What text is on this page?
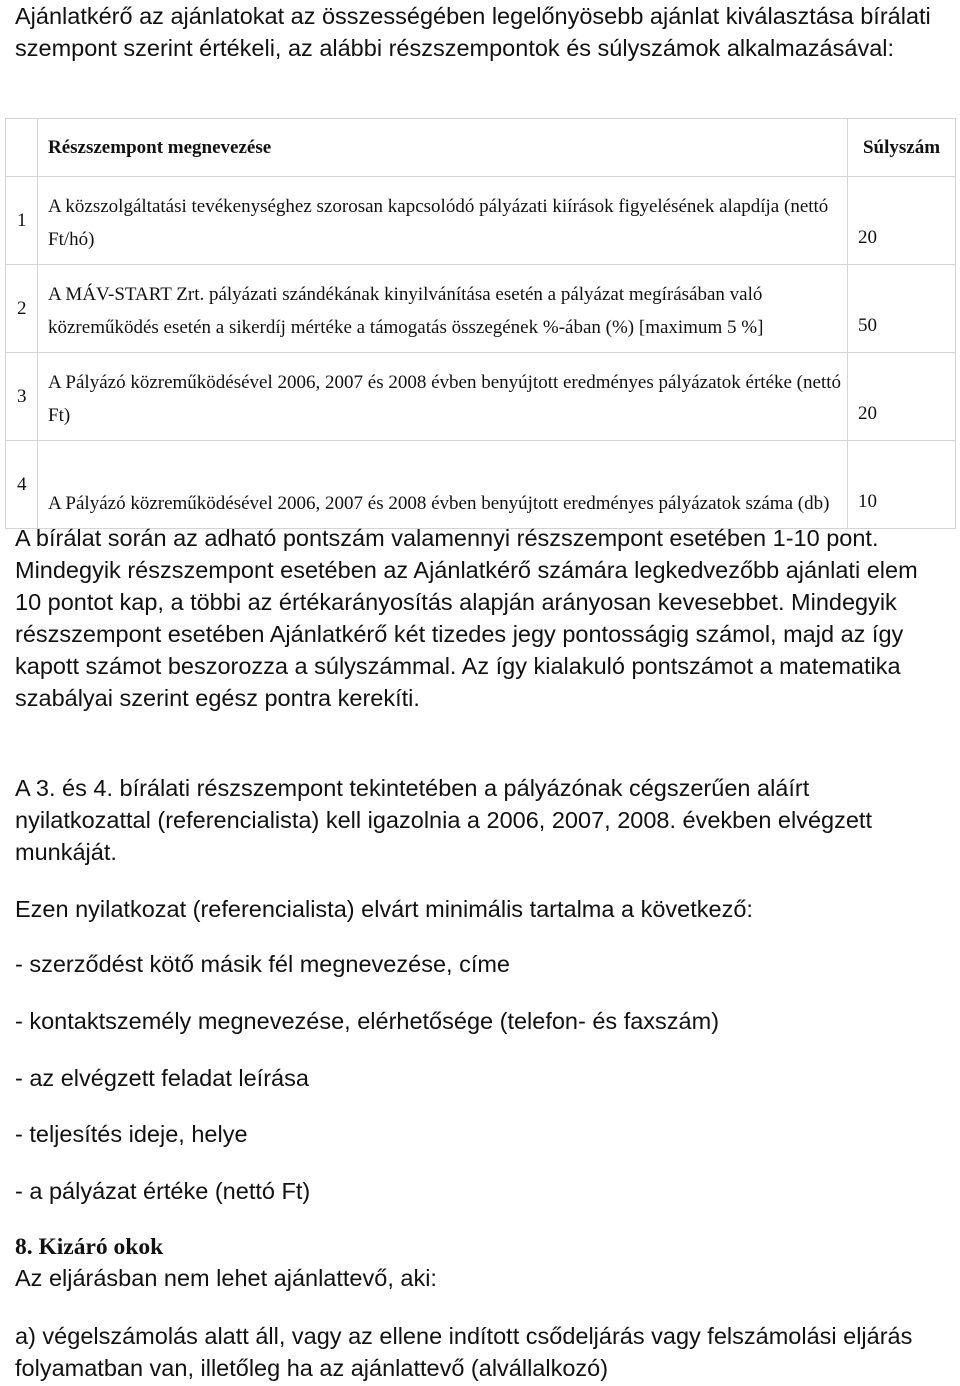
Ajánlatkérő az ajánlatokat az összességében legelőnyösebb ajánlat kiválasztása bírálati szempont szerint értékeli, az alábbi részszempontok és súlyszámok alkalmazásával:

	Részszempont megnevezése	Súlyszám
1	A közszolgáltatási tevékenységhez szorosan kapcsolódó pályázati kiírások figyelésének alapdíja (nettó Ft/hó)	20
2	A MÁV-START Zrt. pályázati szándékának kinyilvánítása esetén a pályázat megírásában való közreműködés esetén a sikerdíj mértéke a támogatás összegének %-ában (%) [maximum 5 %]	50
3	A Pályázó közreműködésével 2006, 2007 és 2008 évben benyújtott eredményes pályázatok értéke (nettó Ft)	20
4	A Pályázó közreműködésével 2006, 2007 és 2008 évben benyújtott eredményes pályázatok száma (db)	10

A bírálat során az adható pontszám valamennyi részszempont esetében 1-10 pont. Mindegyik részszempont esetében az Ajánlatkérő számára legkedvezőbb ajánlati elem 10 pontot kap, a többi az értékarányosítás alapján arányosan kevesebbet. Mindegyik részszempont esetében Ajánlatkérő két tizedes jegy pontosságig számol, majd az így kapott számot beszorozza a súlyszámmal. Az így kialakuló pontszámot a matematika szabályai szerint egész pontra kerekíti.

A 3. és 4. bírálati részszempont tekintetében a pályázónak cégszerűen aláírt nyilatkozattal (referencialista) kell igazolnia a 2006, 2007, 2008. években elvégzett munkáját.

Ezen nyilatkozat (referencialista) elvárt minimális tartalma a következő:

- szerződést kötő másik fél megnevezése, címe

- kontaktszemély megnevezése, elérhetősége (telefon- és faxszám)

- az elvégzett feladat leírása

- teljesítés ideje, helye

- a pályázat értéke (nettó Ft)

8. Kizáró okok

Az eljárásban nem lehet ajánlattevő, aki:

a) végelszámolás alatt áll, vagy az ellene indított csődeljárás vagy felszámolási eljárás folyamatban van, illetőleg ha az ajánlattevő (alvállalkozó)
